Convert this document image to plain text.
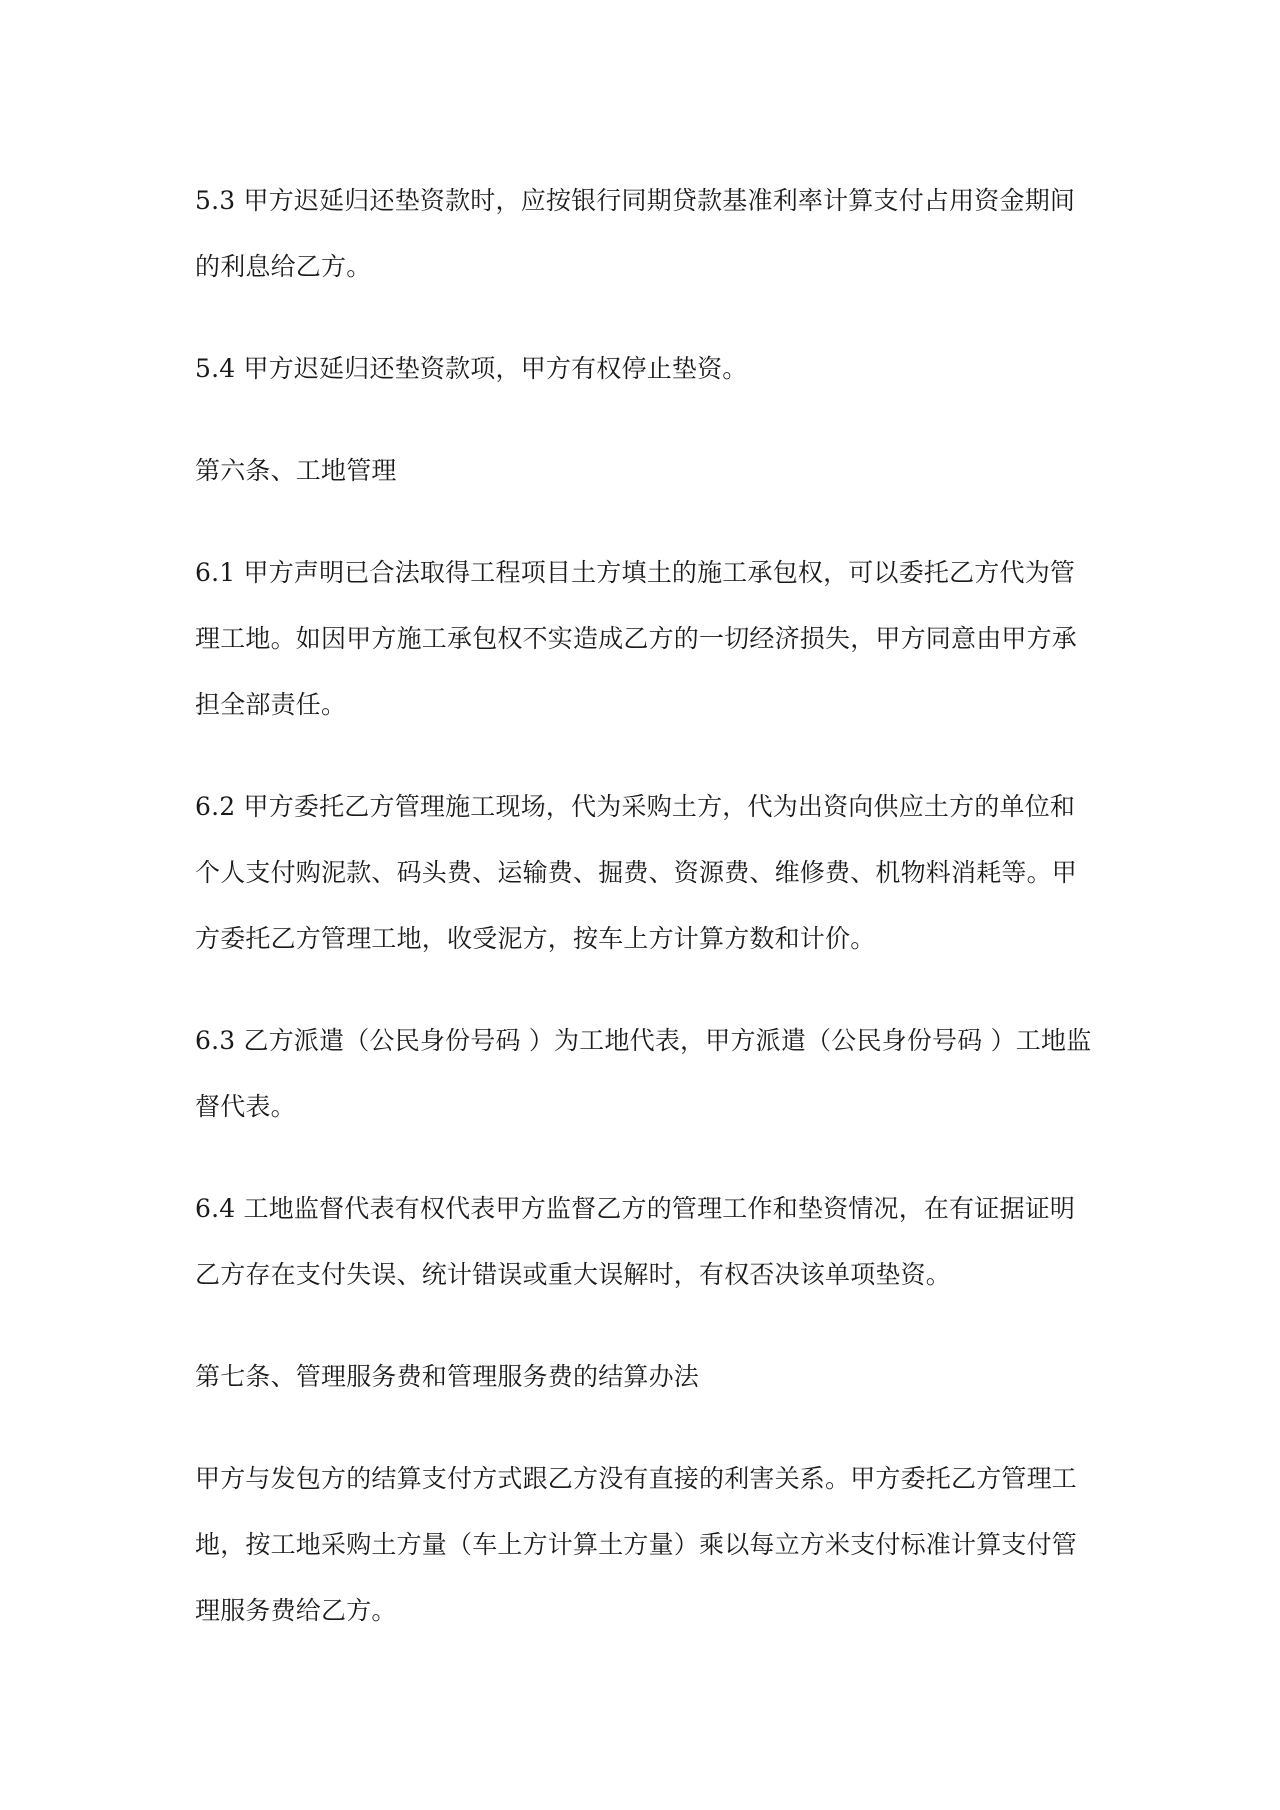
5.3 甲方迟延归还垫资款时，应按银行同期贷款基准利率计算支付占用资金期间的利息给乙方。

5.4 甲方迟延归还垫资款项，甲方有权停止垫资。

第六条、工地管理

6.1 甲方声明已合法取得工程项目土方填土的施工承包权，可以委托乙方代为管理工地。如因甲方施工承包权不实造成乙方的一切经济损失，甲方同意由甲方承担全部责任。

6.2 甲方委托乙方管理施工现场，代为采购土方，代为出资向供应土方的单位和个人支付购泥款、码头费、运输费、掘费、资源费、维修费、机物料消耗等。甲方委托乙方管理工地，收受泥方，按车上方计算方数和计价。

6.3 乙方派遣（公民身份号码 ）为工地代表，甲方派遣（公民身份号码 ）工地监督代表。

6.4 工地监督代表有权代表甲方监督乙方的管理工作和垫资情况，在有证据证明乙方存在支付失误、统计错误或重大误解时，有权否决该单项垫资。

第七条、管理服务费和管理服务费的结算办法

甲方与发包方的结算支付方式跟乙方没有直接的利害关系。甲方委托乙方管理工地，按工地采购土方量（车上方计算土方量）乘以每立方米支付标准计算支付管理服务费给乙方。
